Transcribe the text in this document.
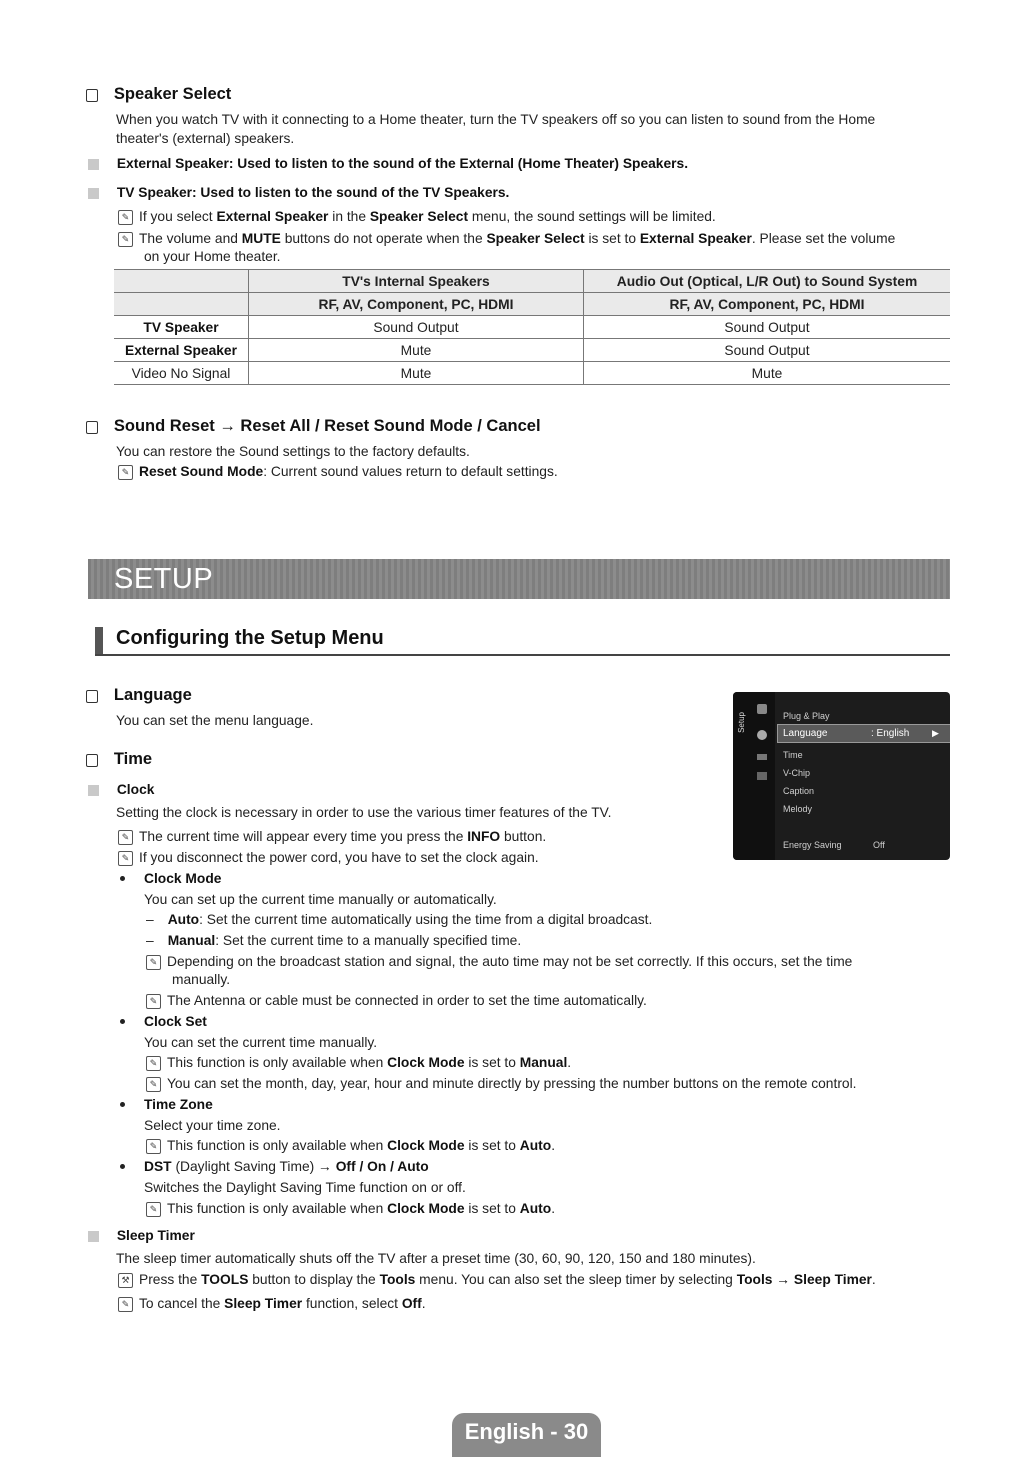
Speaker Select
When you watch TV with it connecting to a Home theater, turn the TV speakers off so you can listen to sound from the Home
theater's (external) speakers.
External Speaker: Used to listen to the sound of the External (Home Theater) Speakers.
TV Speaker: Used to listen to the sound of the TV Speakers.
✎ If you select External Speaker in the Speaker Select menu, the sound settings will be limited.
✎ The volume and MUTE buttons do not operate when the Speaker Select is set to External Speaker. Please set the volume
on your Home theater.
	TV's Internal Speakers	Audio Out (Optical, L/R Out) to Sound System
	RF, AV, Component, PC, HDMI	RF, AV, Component, PC, HDMI
TV Speaker	Sound Output	Sound Output
External Speaker	Mute	Sound Output
Video No Signal	Mute	Mute
Sound Reset → Reset All / Reset Sound Mode / Cancel
You can restore the Sound settings to the factory defaults.
✎ Reset Sound Mode: Current sound values return to default settings.
SETUP
Configuring the Setup Menu
Setup	Plug & Play
Language	: English	▶
Time
V-Chip
Caption
Melody
Energy Saving	Off
Language
You can set the menu language.
Time
Clock
Setting the clock is necessary in order to use the various timer features of the TV.
✎ The current time will appear every time you press the INFO button.
✎ If you disconnect the power cord, you have to set the clock again.
Clock Mode
You can set up the current time manually or automatically.
– Auto: Set the current time automatically using the time from a digital broadcast.
– Manual: Set the current time to a manually specified time.
✎ Depending on the broadcast station and signal, the auto time may not be set correctly. If this occurs, set the time
manually.
✎ The Antenna or cable must be connected in order to set the time automatically.
Clock Set
You can set the current time manually.
✎ This function is only available when Clock Mode is set to Manual.
✎ You can set the month, day, year, hour and minute directly by pressing the number buttons on the remote control.
Time Zone
Select your time zone.
✎ This function is only available when Clock Mode is set to Auto.
DST (Daylight Saving Time) → Off / On / Auto
Switches the Daylight Saving Time function on or off.
✎ This function is only available when Clock Mode is set to Auto.
Sleep Timer
The sleep timer automatically shuts off the TV after a preset time (30, 60, 90, 120, 150 and 180 minutes).
⚒ Press the TOOLS button to display the Tools menu. You can also set the sleep timer by selecting Tools → Sleep Timer.
✎ To cancel the Sleep Timer function, select Off.
English - 30
